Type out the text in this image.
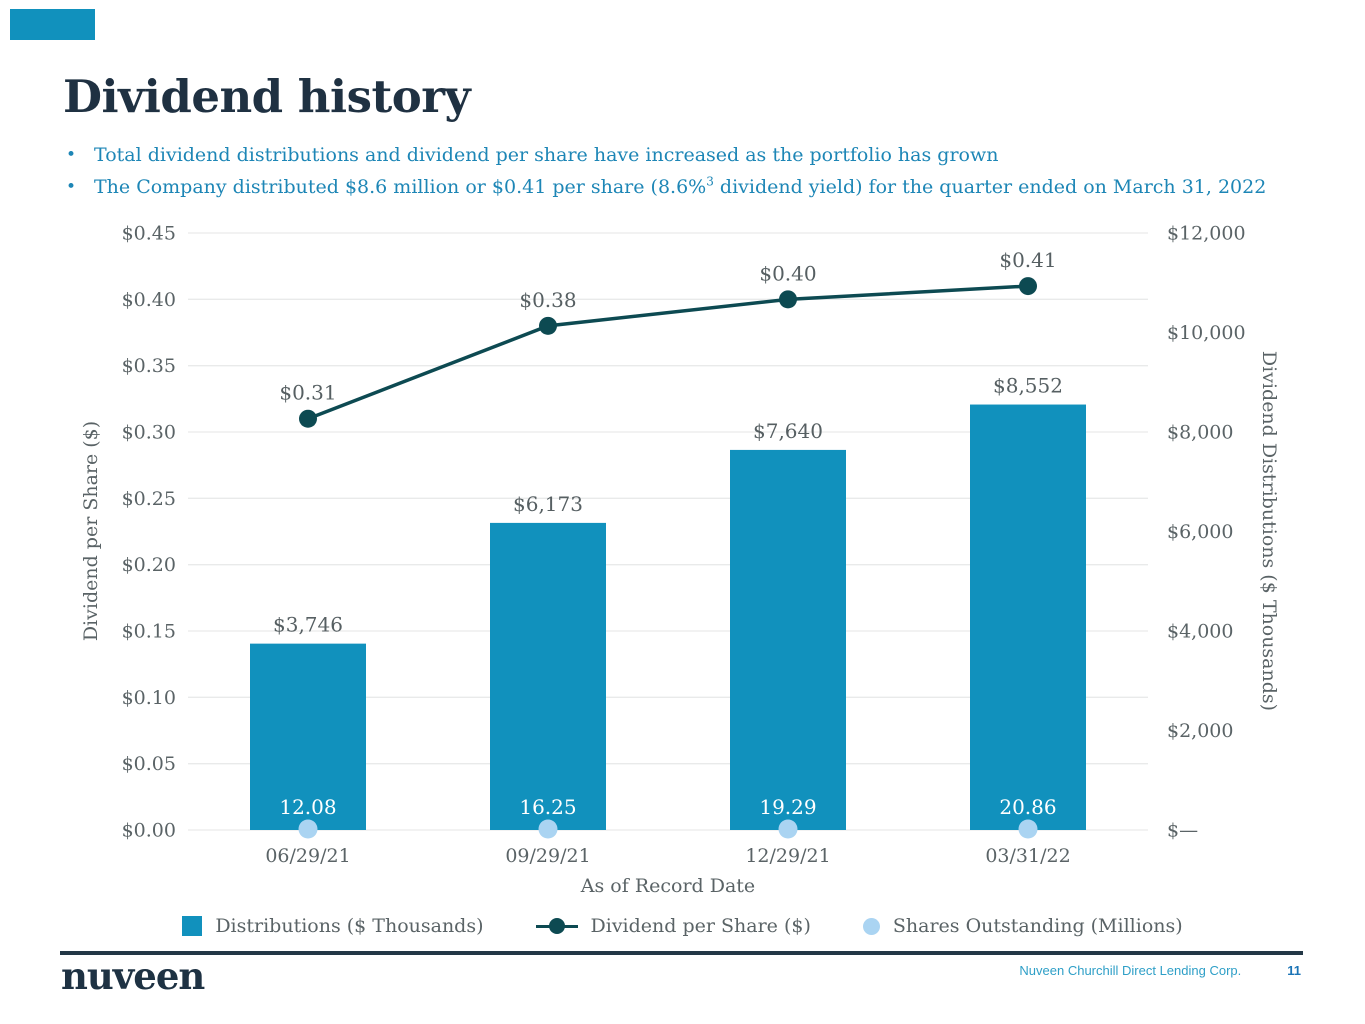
Dividend history
• Total dividend distributions and dividend per share have increased as the portfolio has grown
• The Company distributed $8.6 million or $0.41 per share (8.6%$^3$ dividend yield) for the quarter ended on March 31, 2022
$0.45
$0.40
$0.35
$0.30
$0.25
$0.20
$0.15
$0.10
$0.05
$0.00
$12,000
$10,000
$8,000
$6,000
$4,000
$2,000
$—
$3,746
$6,173
$7,640
$8,552
12.08	16.25	19.29	20.86
$0.31
$0.38
$0.40
$0.41
06/29/21	09/29/21	12/29/21	03/31/22
Dividend per Share ($)	Dividend Distributions ($ Thousands)
As of Record Date
Distributions ($ Thousands)	Dividend per Share ($)	Shares Outstanding (Millions)
nuveen	Nuveen Churchill Direct Lending Corp.	11
